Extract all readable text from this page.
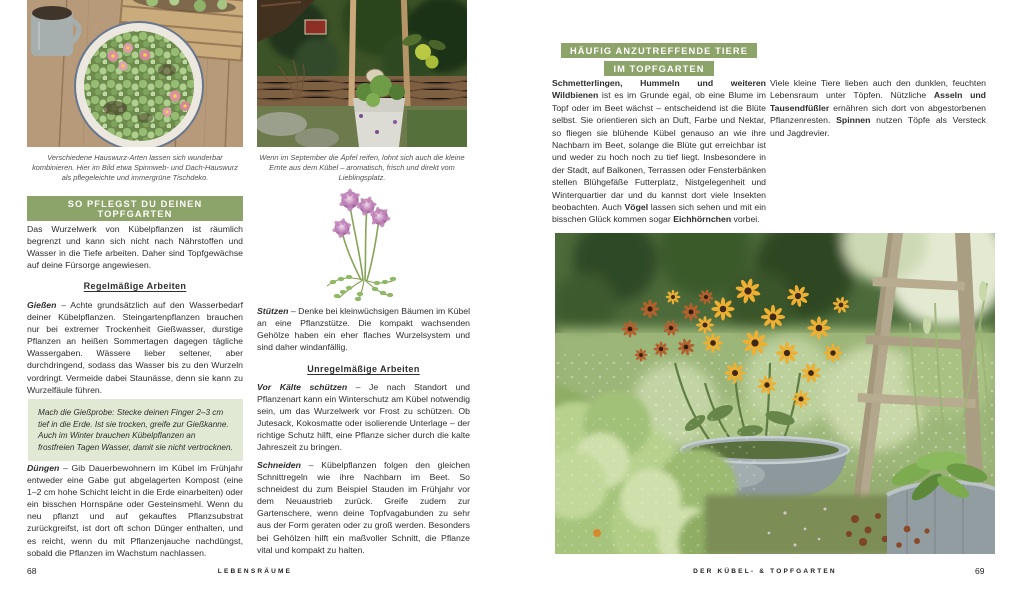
Verschiedene Hauswurz-Arten lassen sich wunderbar kombinieren. Hier im Bild etwa Spinnweb- und Dach-Hauswurz als pflegeleichte und immergrüne Tischdeko.
Wenn im September die Äpfel reifen, lohnt sich auch die kleine Ernte aus dem Kübel – aromatisch, frisch und direkt vom Lieblingsplatz.
SO PFLEGST DU DEINEN TOPFGARTEN
Das Wurzelwerk von Kübelpflanzen ist räumlich begrenzt und kann sich nicht nach Nährstoffen und Wasser in die Tiefe arbeiten. Daher sind Topfgewächse auf deine Fürsorge angewiesen.
Regelmäßige Arbeiten
Gießen – Achte grundsätzlich auf den Wasserbedarf deiner Kübelpflanzen. Steingartenpflanzen brauchen nur bei extremer Trockenheit Gießwasser, durstige Pflanzen an heißen Sommertagen dagegen tägliche Wassergaben. Wässere lieber seltener, aber durchdringend, sodass das Wasser bis zu den Wurzeln vordringt. Vermeide dabei Staunässe, denn sie kann zu Wurzelfäule führen.
Mach die Gießprobe: Stecke deinen Finger 2–3 cm tief in die Erde. Ist sie trocken, greife zur Gießkanne. Auch im Winter brauchen Kübelpflanzen an frostfreien Tagen Wasser, damit sie nicht vertrocknen.
Düngen – Gib Dauerbewohnern im Kübel im Frühjahr entweder eine Gabe gut abgelagerten Kompost (eine 1–2 cm hohe Schicht leicht in die Erde einarbeiten) oder ein bisschen Hornspäne oder Gesteinsmehl. Wenn du neu pflanzt und auf gekauftes Pflanzsubstrat zurückgreifst, ist dort oft schon Dünger enthalten, und es reicht, wenn du mit Pflanzenjauche nachdüngst, sobald die Pflanzen im Wachstum nachlassen.
Stützen – Denke bei kleinwüchsigen Bäumen im Kübel an eine Pflanzstütze. Die kompakt wachsenden Gehölze haben ein eher flaches Wurzelsystem und sind daher windanfällig.
Unregelmäßige Arbeiten
Vor Kälte schützen – Je nach Standort und Pflanzenart kann ein Winterschutz am Kübel notwendig sein, um das Wurzelwerk vor Frost zu schützen. Ob Jutesack, Kokosmatte oder isolierende Unterlage – der richtige Schutz hilft, eine Pflanze sicher durch die kalte Jahreszeit zu bringen.
Schneiden – Kübelpflanzen folgen den gleichen Schnittregeln wie ihre Nachbarn im Beet. So schneidest du zum Beispiel Stauden im Frühjahr vor dem Neuaustrieb zurück. Greife zudem zur Gartenschere, wenn deine Topfvagabunden zu sehr aus der Form geraten oder zu groß werden. Besonders bei Gehölzen hilft ein maßvoller Schnitt, die Pflanze vital und kompakt zu halten.
HÄUFIG ANZUTREFFENDE TIERE
IM TOPFGARTEN
Schmetterlingen, Hummeln und weiteren Wildbienen ist es im Grunde egal, ob eine Blume im Topf oder im Beet wächst – entscheidend ist die Blüte selbst. Sie orientieren sich an Duft, Farbe und Nektar, so fliegen sie blühende Kübel genauso an wie ihre Nachbarn im Beet, solange die Blüte gut erreichbar ist und weder zu hoch noch zu tief liegt. Insbesondere in der Stadt, auf Balkonen, Terrassen oder Fensterbänken stellen Blühgefäße Futterplatz, Nistgelegenheit und Winterquartier dar und du kannst dort viele Insekten beobachten. Auch Vögel lassen sich sehen und mit ein bisschen Glück kommen sogar Eichhörnchen vorbei.
Viele kleine Tiere lieben auch den dunklen, feuchten Lebensraum unter Töpfen. Nützliche Asseln und Tausendfüßler ernähren sich dort von abgestorbenen Pflanzenresten. Spinnen nutzen Töpfe als Versteck und Jagdrevier.
68	LEBENSRÄUME	DER KÜBEL- & TOPFGARTEN	69
